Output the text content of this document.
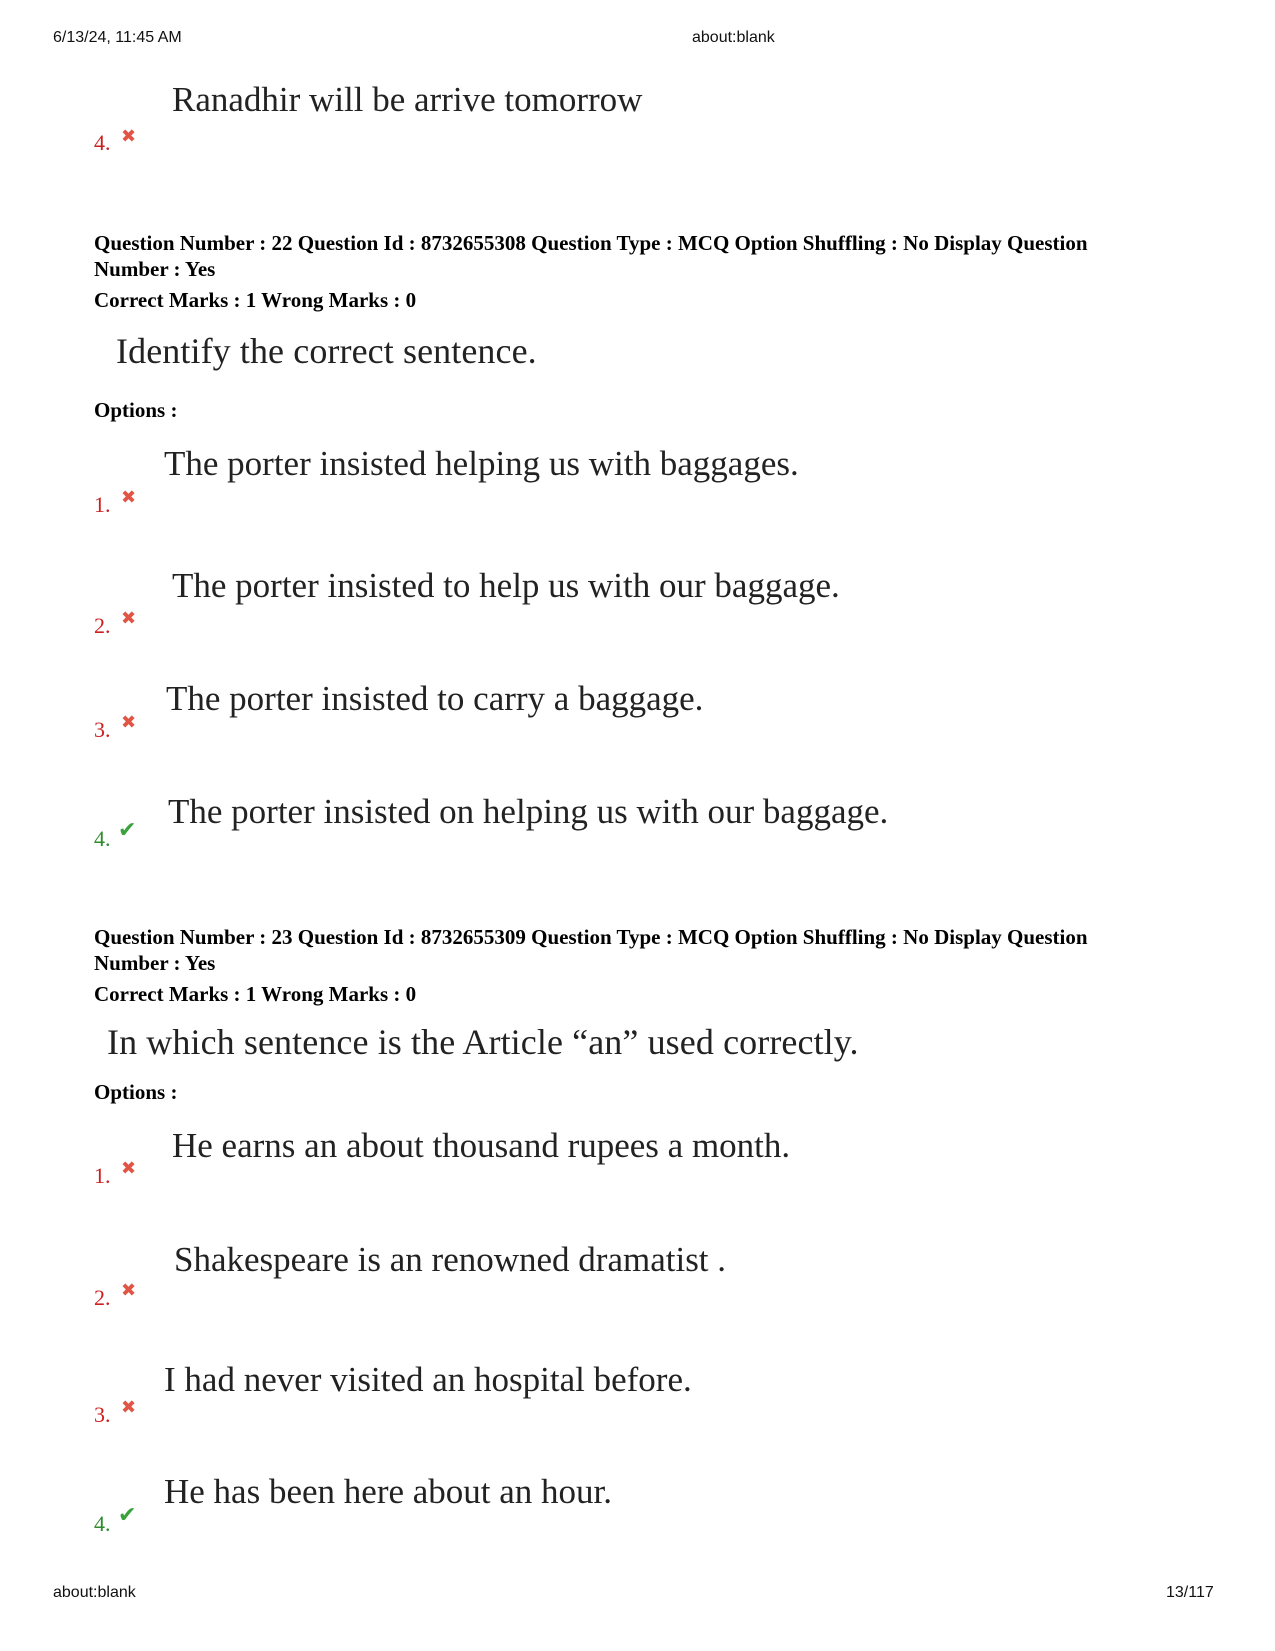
6/13/24, 11:45 AM	about:blank
Ranadhir will be arrive tomorrow
4. ✖
Question Number : 22 Question Id : 8732655308 Question Type : MCQ Option Shuffling : No Display Question
Number : Yes
Correct Marks : 1 Wrong Marks : 0
Identify the correct sentence.
Options :
The porter insisted helping us with baggages.
1. ✖
The porter insisted to help us with our baggage.
2. ✖
The porter insisted to carry a baggage.
3. ✖
The porter insisted on helping us with our baggage.
4. ✔
Question Number : 23 Question Id : 8732655309 Question Type : MCQ Option Shuffling : No Display Question
Number : Yes
Correct Marks : 1 Wrong Marks : 0
In which sentence is the Article “an” used correctly.
Options :
He earns an about thousand rupees a month.
1. ✖
Shakespeare is an renowned dramatist .
2. ✖
I had never visited an hospital before.
3. ✖
He has been here about an hour.
4. ✔
about:blank	13/117
